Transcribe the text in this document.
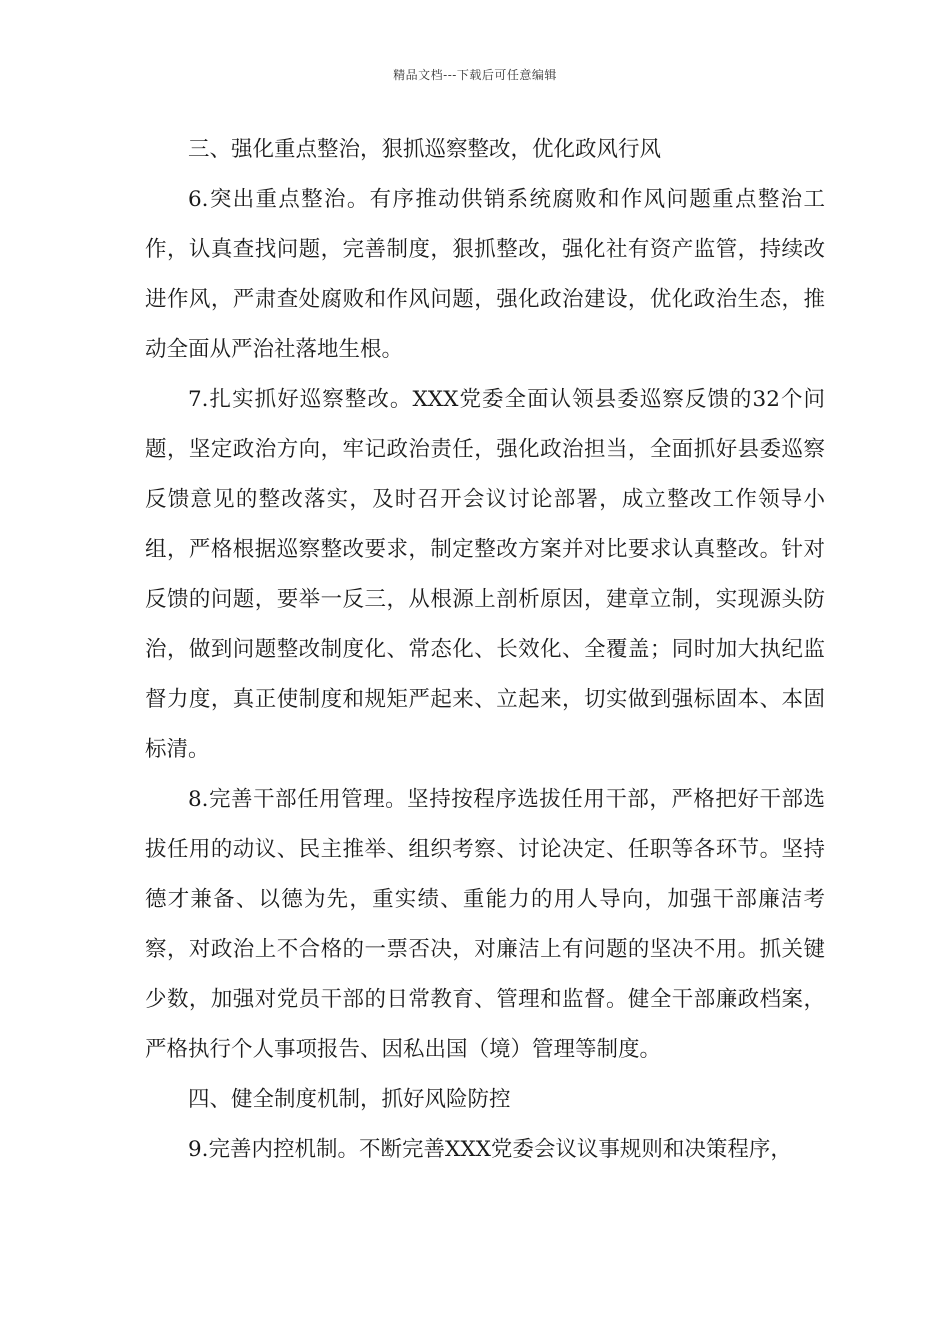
精品文档---下载后可任意编辑

三、强化重点整治，狠抓巡察整改，优化政风行风

6.突出重点整治。有序推动供销系统腐败和作风问题重点整治工作，认真查找问题，完善制度，狠抓整改，强化社有资产监管，持续改进作风，严肃查处腐败和作风问题，强化政治建设，优化政治生态，推动全面从严治社落地生根。

7.扎实抓好巡察整改。XXX党委全面认领县委巡察反馈的32个问题，坚定政治方向，牢记政治责任，强化政治担当，全面抓好县委巡察反馈意见的整改落实，及时召开会议讨论部署，成立整改工作领导小组，严格根据巡察整改要求，制定整改方案并对比要求认真整改。针对反馈的问题，要举一反三，从根源上剖析原因，建章立制，实现源头防治，做到问题整改制度化、常态化、长效化、全覆盖；同时加大执纪监督力度，真正使制度和规矩严起来、立起来，切实做到强标固本、本固标清。

8.完善干部任用管理。坚持按程序选拔任用干部，严格把好干部选拔任用的动议、民主推举、组织考察、讨论决定、任职等各环节。坚持德才兼备、以德为先，重实绩、重能力的用人导向，加强干部廉洁考察，对政治上不合格的一票否决，对廉洁上有问题的坚决不用。抓关键少数，加强对党员干部的日常教育、管理和监督。健全干部廉政档案，严格执行个人事项报告、因私出国（境）管理等制度。

四、健全制度机制，抓好风险防控

9.完善内控机制。不断完善XXX党委会议议事规则和决策程序，
